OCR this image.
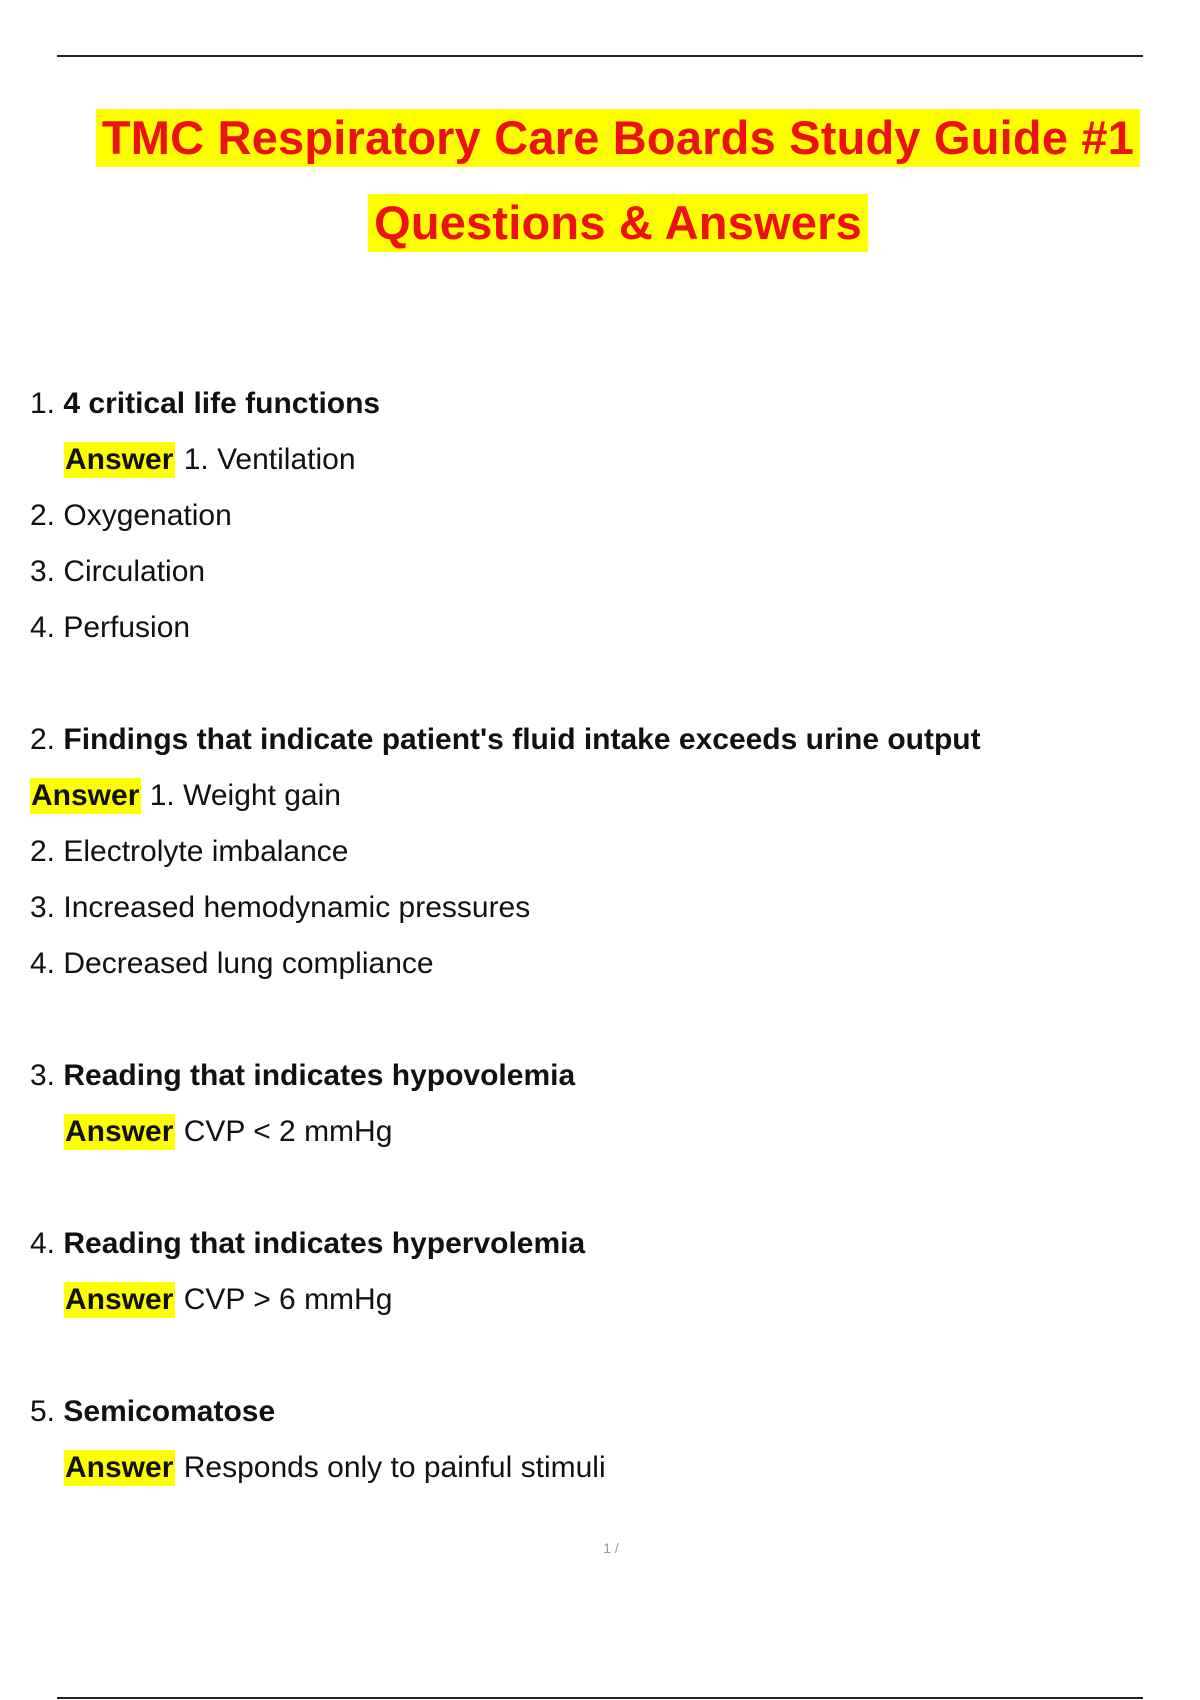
TMC Respiratory Care Boards Study Guide #1
Questions & Answers
1. 4 critical life functions
Answer 1. Ventilation
2. Oxygenation
3. Circulation
4. Perfusion
2. Findings that indicate patient's fluid intake exceeds urine output
Answer 1. Weight gain
2. Electrolyte imbalance
3. Increased hemodynamic pressures
4. Decreased lung compliance
3. Reading that indicates hypovolemia
Answer CVP < 2 mmHg
4. Reading that indicates hypervolemia
Answer CVP > 6 mmHg
5. Semicomatose
Answer Responds only to painful stimuli
1 /
